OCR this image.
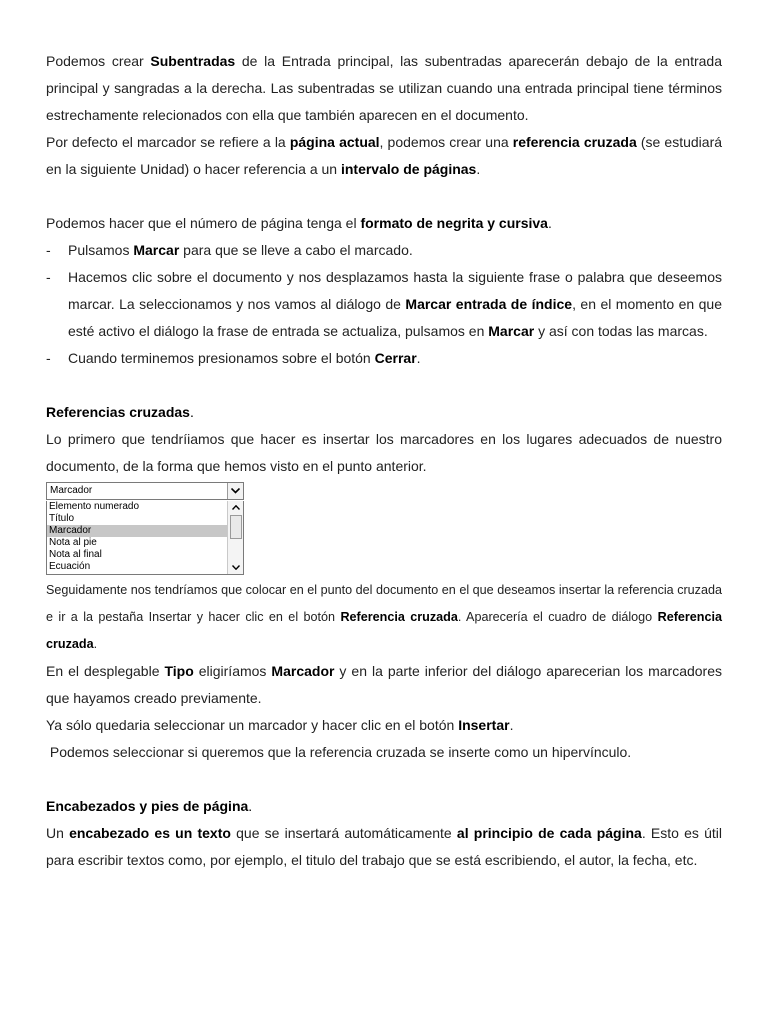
Podemos crear Subentradas de la Entrada principal, las subentradas aparecerán debajo de la entrada principal y sangradas a la derecha. Las subentradas se utilizan cuando una entrada principal tiene términos estrechamente relecionados con ella que también aparecen en el documento.

Por defecto el marcador se refiere a la página actual, podemos crear una referencia cruzada (se estudiará en la siguiente Unidad) o hacer referencia a un intervalo de páginas.

Podemos hacer que el número de página tenga el formato de negrita y cursiva.

- Pulsamos Marcar para que se lleve a cabo el marcado.
- Hacemos clic sobre el documento y nos desplazamos hasta la siguiente frase o palabra que deseemos marcar. La seleccionamos y nos vamos al diálogo de Marcar entrada de índice, en el momento en que esté activo el diálogo la frase de entrada se actualiza, pulsamos en Marcar y así con todas las marcas.
- Cuando terminemos presionamos sobre el botón Cerrar.
Referencias cruzadas.

Lo primero que tendríiamos que hacer es insertar los marcadores en los lugares adecuados de nuestro documento, de la forma que hemos visto en el punto anterior.

Marcador
Elemento numerado
Título
Marcador
Nota al pie
Nota al final
Ecuación

Seguidamente nos tendríamos que colocar en el punto del documento en el que deseamos insertar la referencia cruzada e ir a la pestaña Insertar y hacer clic en el botón Referencia cruzada. Aparecería el cuadro de diálogo Referencia cruzada.

En el desplegable Tipo eligiríamos Marcador y en la parte inferior del diálogo aparecerian los marcadores que hayamos creado previamente.

Ya sólo quedaria seleccionar un marcador y hacer clic en el botón Insertar.

Podemos seleccionar si queremos que la referencia cruzada se inserte como un hipervínculo.

Encabezados y pies de página.

Un encabezado es un texto que se insertará automáticamente al principio de cada página. Esto es útil para escribir textos como, por ejemplo, el titulo del trabajo que se está escribiendo, el autor, la fecha, etc.
